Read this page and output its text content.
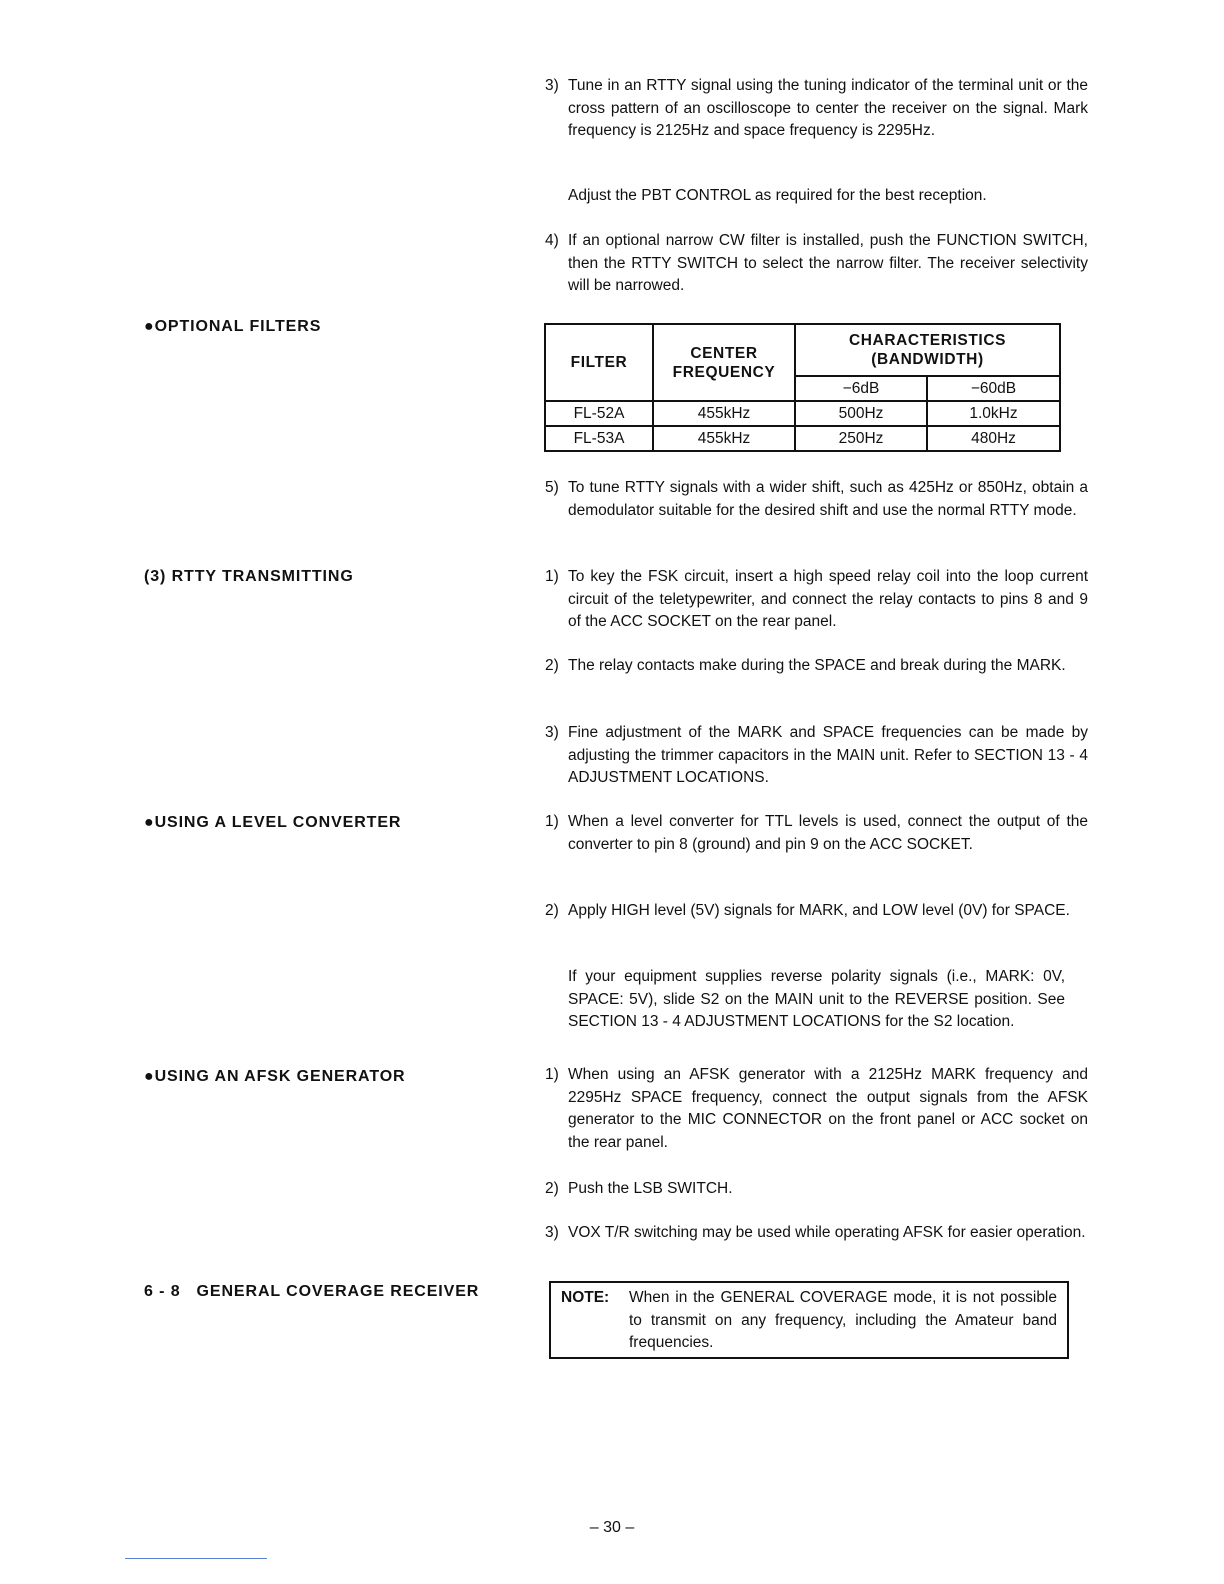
●OPTIONAL FILTERS

(3) RTTY TRANSMITTING

●USING A LEVEL CONVERTER

●USING AN AFSK GENERATOR

6 - 8   GENERAL COVERAGE RECEIVER

3) Tune in an RTTY signal using the tuning indicator of the terminal unit or the cross pattern of an oscilloscope to center the receiver on the signal. Mark frequency is 2125Hz and space frequency is 2295Hz.

Adjust the PBT CONTROL as required for the best reception.

4) If an optional narrow CW filter is installed, push the FUNCTION SWITCH, then the RTTY SWITCH to select the narrow filter. The receiver selectivity will be narrowed.

FILTER	CENTER FREQUENCY	CHARACTERISTICS (BANDWIDTH)	
		−6dB	−60dB
FL-52A	455kHz	500Hz	1.0kHz
FL-53A	455kHz	250Hz	480Hz

5) To tune RTTY signals with a wider shift, such as 425Hz or 850Hz, obtain a demodulator suitable for the desired shift and use the normal RTTY mode.

1) To key the FSK circuit, insert a high speed relay coil into the loop current circuit of the teletypewriter, and connect the relay contacts to pins 8 and 9 of the ACC SOCKET on the rear panel.

2) The relay contacts make during the SPACE and break during the MARK.

3) Fine adjustment of the MARK and SPACE frequencies can be made by adjusting the trimmer capacitors in the MAIN unit. Refer to SECTION 13 - 4 ADJUSTMENT LOCATIONS.

1) When a level converter for TTL levels is used, connect the output of the converter to pin 8 (ground) and pin 9 on the ACC SOCKET.

2) Apply HIGH level (5V) signals for MARK, and LOW level (0V) for SPACE.

If your equipment supplies reverse polarity signals (i.e., MARK: 0V, SPACE: 5V), slide S2 on the MAIN unit to the REVERSE position. See SECTION 13 - 4 ADJUSTMENT LOCATIONS for the S2 location.

1) When using an AFSK generator with a 2125Hz MARK frequency and 2295Hz SPACE frequency, connect the output signals from the AFSK generator to the MIC CONNECTOR on the front panel or ACC socket on the rear panel.

2) Push the LSB SWITCH.

3) VOX T/R switching may be used while operating AFSK for easier operation.

NOTE: When in the GENERAL COVERAGE mode, it is not possible to transmit on any frequency, including the Amateur band frequencies.
– 30 –
